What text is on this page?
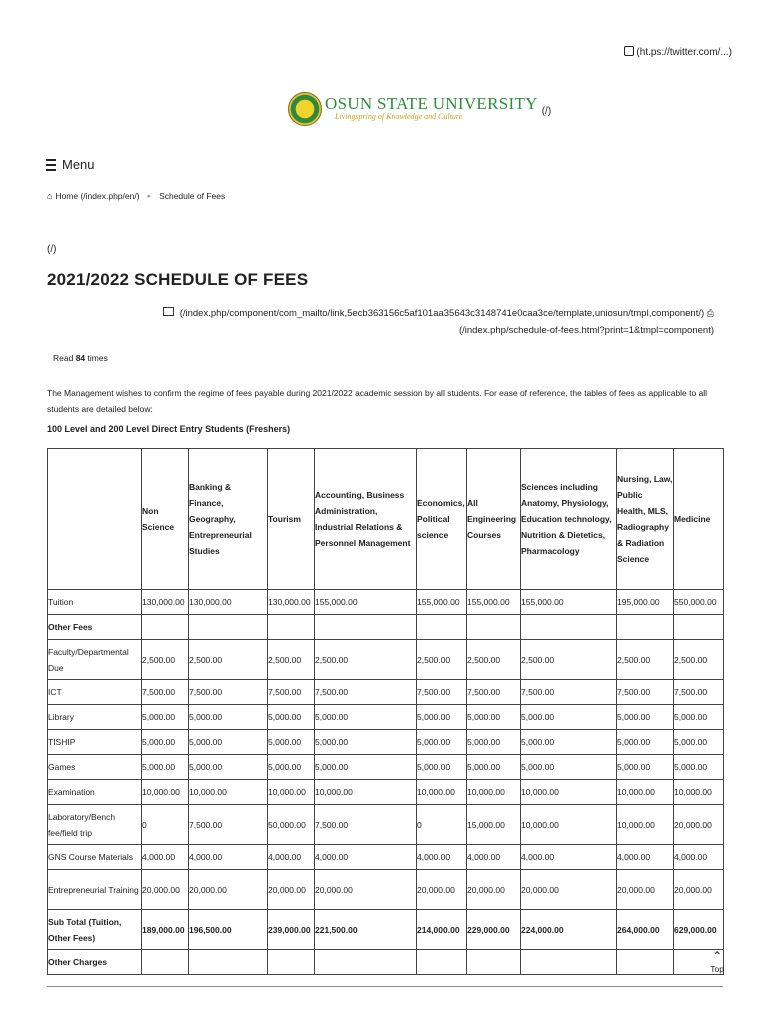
(ht.ps://twitter.com/...)
OSUN STATE UNIVERSITY
Livingspring of Knowledge and Culture	(/)
Menu
⌂ Home (/index.php/en/) ▸ Schedule of Fees
(/)
2021/2022 SCHEDULE OF FEES
(/index.php/component/com_mailto/link,5ecb363156c5af101aa35643c3148741e0caa3ce/template,uniosun/tmpl,component/) ⎙
(/index.php/schedule-of-fees.html?print=1&tmpl=component)
Read 84 times
The Management wishes to confirm the regime of fees payable during 2021/2022 academic session by all students. For ease of reference, the tables of fees as applicable to all students are detailed below:
100 Level and 200 Level Direct Entry Students (Freshers)
	Non Science	Banking & Finance, Geography, Entrepreneurial Studies	Tourism	Accounting, Business Administration, Industrial Relations & Personnel Management	Economics, Political science	All Engineering Courses	Sciences including Anatomy, Physiology, Education technology, Nutrition & Dietetics, Pharmacology	Nursing, Law, Public Health, MLS, Radiography & Radiation Science	Medicine
Tuition	130,000.00	130,000.00	130,000.00	155,000.00	155,000.00	155,000.00	155,000.00	195,000.00	550,000.00
Other Fees									
Faculty/Departmental Due	2,500.00	2,500.00	2,500.00	2,500.00	2,500.00	2,500.00	2,500.00	2,500.00	2,500.00
ICT	7,500.00	7,500.00	7,500.00	7,500.00	7,500.00	7,500.00	7,500.00	7,500.00	7,500.00
Library	5,000.00	5,000.00	5,000.00	5,000.00	5,000.00	5,000.00	5,000.00	5,000.00	5,000.00
TISHIP	5,000.00	5,000.00	5,000.00	5,000.00	5,000.00	5,000.00	5,000.00	5,000.00	5,000.00
Games	5,000.00	5,000.00	5,000.00	5,000.00	5,000.00	5,000.00	5,000.00	5,000.00	5,000.00
Examination	10,000.00	10,000.00	10,000.00	10,000.00	10,000.00	10,000.00	10,000.00	10,000.00	10,000.00
Laboratory/Bench fee/field trip	0	7,500.00	50,000.00	7,500.00	0	15,000.00	10,000.00	10,000.00	20,000.00
GNS Course Materials	4,000.00	4,000.00	4,000.00	4,000.00	4,000.00	4,000.00	4,000.00	4,000.00	4,000.00
Entrepreneurial Training	20,000.00	20,000.00	20,000.00	20,000.00	20,000.00	20,000.00	20,000.00	20,000.00	20,000.00
Sub Total (Tuition, Other Fees)	189,000.00	196,500.00	239,000.00	221,500.00	214,000.00	229,000.00	224,000.00	264,000.00	629,000.00
Other Charges										⌃
Top
